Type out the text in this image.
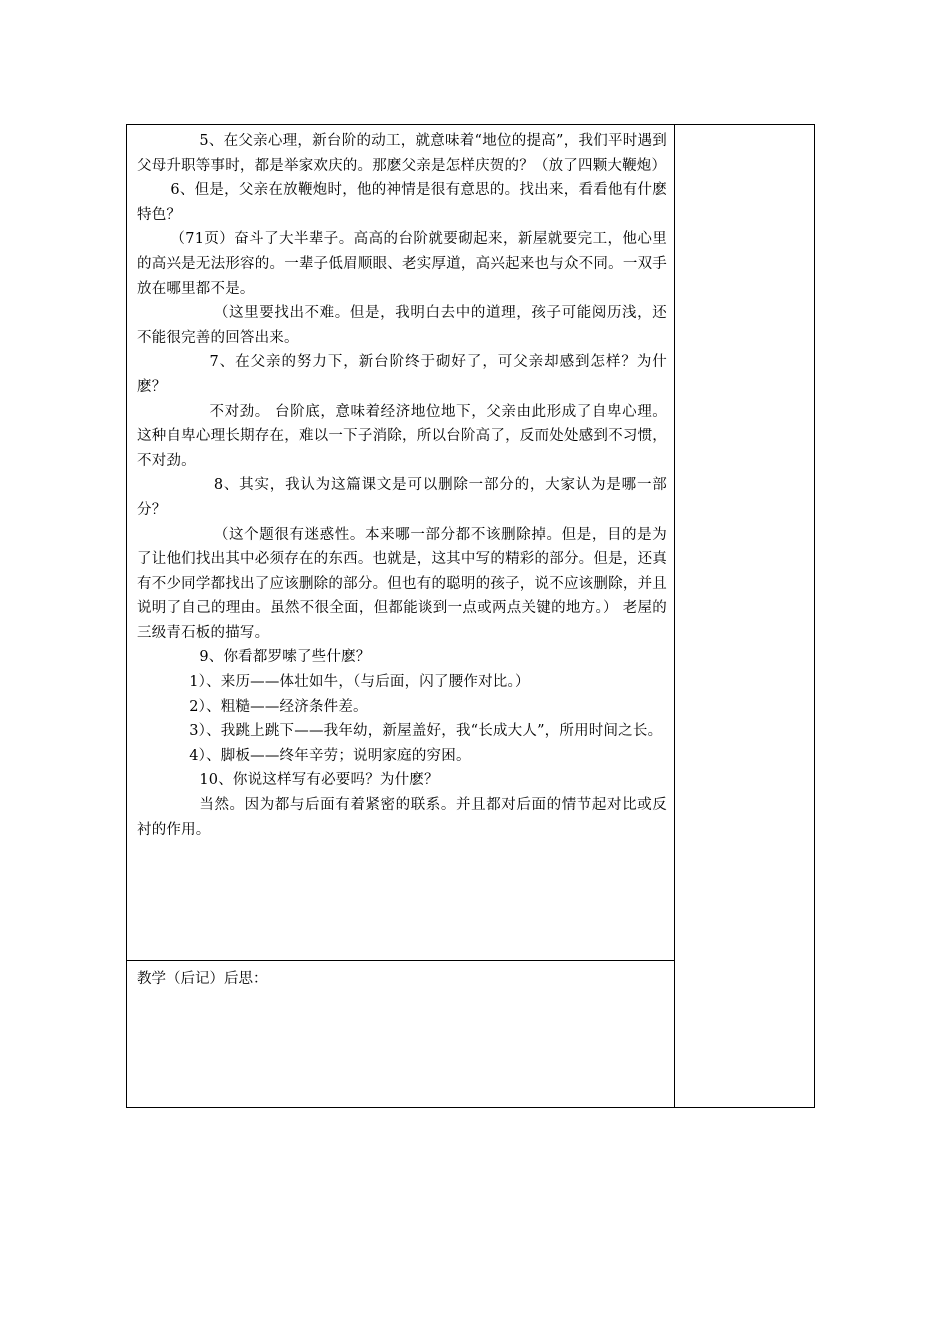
5、在父亲心理，新台阶的动工，就意味着“地位的提高”，我们平时遇到父母升职等事时，都是举家欢庆的。那麽父亲是怎样庆贺的？（放了四颗大鞭炮）

6、但是，父亲在放鞭炮时，他的神情是很有意思的。找出来，看看他有什麽特色？

（71页）奋斗了大半辈子。高高的台阶就要砌起来，新屋就要完工，他心里的高兴是无法形容的。一辈子低眉顺眼、老实厚道，高兴起来也与众不同。一双手放在哪里都不是。

（这里要找出不难。但是，我明白去中的道理，孩子可能阅历浅，还不能很完善的回答出来。

7、在父亲的努力下，新台阶终于砌好了，可父亲却感到怎样？为什麽？

不对劲。 台阶底，意味着经济地位地下，父亲由此形成了自卑心理。这种自卑心理长期存在，难以一下子消除，所以台阶高了，反而处处感到不习惯，不对劲。

8、其实，我认为这篇课文是可以删除一部分的，大家认为是哪一部分？

（这个题很有迷惑性。本来哪一部分都不该删除掉。但是，目的是为了让他们找出其中必须存在的东西。也就是，这其中写的精彩的部分。但是，还真有不少同学都找出了应该删除的部分。但也有的聪明的孩子，说不应该删除，并且说明了自己的理由。虽然不很全面，但都能谈到一点或两点关键的地方。） 老屋的三级青石板的描写。

9、你看都罗嗦了些什麽？

1）、来历——体壮如牛，（与后面，闪了腰作对比。）

2）、粗糙——经济条件差。

3）、我跳上跳下——我年幼，新屋盖好，我“长成大人”，所用时间之长。

4）、脚板——终年辛劳；说明家庭的穷困。

10、你说这样写有必要吗？为什麽？

当然。因为都与后面有着紧密的联系。并且都对后面的情节起对比或反衬的作用。

教学（后记）后思：
